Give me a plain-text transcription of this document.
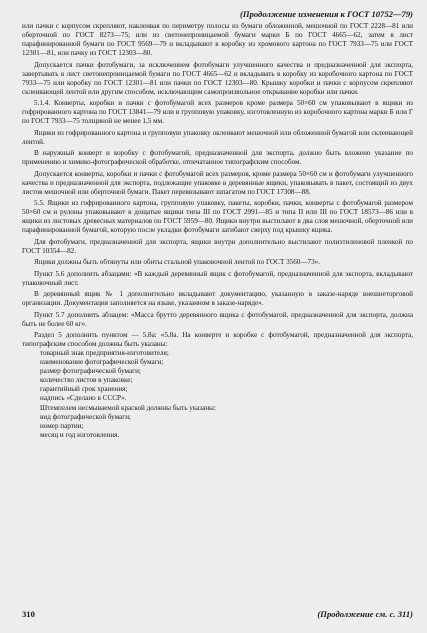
(Продолжение изменения к ГОСТ 10752—79)

или пачки с корпусом скрепляют, наклеивая по периметру полосы из бумаги обложенной, мешочной по ГОСТ 2228—81 или оберточной по ГОСТ 8273—75; или из светонепроницаемой бумаги марки Б по ГОСТ 4665—62, затем в лист парафинированной бумаги по ГОСТ 9569—79 и вкладывают в коробку из хромового картона по ГОСТ 7933—75 или ГОСТ 12301—81, или пачку из ГОСТ 12303—80.

Допускается пачки фотобумаги, за исключением фотобумаги улучшенного качества и предназначенной для экспорта, завертывать в лист светонепроницаемой бумаги по ГОСТ 4665—62 и вкладывать в коробку из коробочного картона по ГОСТ 7933—75 или коробку по ГОСТ 12301—81 или пачки по ГОСТ 12303—80. Крышку коробки и пачки с корпусом скрепляют склеивающей лентой или другим способом, исключающим самопроизвольное открывание коробки или пачки.

5.1.4. Конверты, коробки и пачки с фотобумагой всех размеров кроме размера 50×60 см упаковывают в ящики из гофрированного картона по ГОСТ 13841—79 или в групповую упаковку, изготовленную из коробочного картона марки Б или Г по ГОСТ 7933—75 толщиной не менее 1,5 мм.

Ящики из гофрированного картона и групповую упаковку оклеивают мешочной или обложенной бумагой или склеивающей лентой.

В наружный конверт и коробку с фотобумагой, предназначенной для экспорта, должно быть вложено указание по применению и химико-фотографической обработке, отпечатанное типографским способом.

Допускается конверты, коробки и пачки с фотобумагой всех размеров, кроме размера 50×60 см и фотобумаги улучшенного качества и предназначенной для экспорта, подлежащие упаковке в деревянные ящики, упаковывать в пакет, состоящий из двух листов мешочной или оберточной бумаги. Пакет перевязывают шпагатом по ГОСТ 17308—88.

5.5. Ящики из гофрированного картона, групповую упаковку, пакеты, коробки, пачки, конверты с фотобумагой размером 50×60 см и рулоны упаковывают в дощатые ящики типа III по ГОСТ 2991—85 и типа II или III по ГОСТ 18573—86 или в ящики из листовых древесных материалов по ГОСТ 5959—80. Ящики внутри выстилают в два слоя мешочной, оберточной или парафинированной бумагой, которую после укладки фотобумаги загибают сверху под крышку ящика.

Для фотобумаги, предназначенной для экспорта, ящики внутри дополнительно выстилают полиэтиленовой пленкой по ГОСТ 10354—82.

Ящики должны быть обтянуты или обиты стальной упаковочной лентой по ГОСТ 3560—73».

Пункт 5.6 дополнить абзацами: «В каждый деревянный ящик с фотобумагой, предназначенной для экспорта, вкладывают упаковочный лист.

В деревянный ящик № 1 дополнительно вкладывают документацию, указанную в заказе-наряде внешнеторговой организации. Документация заполняется на языке, указанном в заказе-наряде».

Пункт 5.7 дополнить абзацем: «Масса брутто деревянного ящика с фотобумагой, предназначенной для экспорта, должна быть не более 60 кг».

Раздел 5 дополнить пунктом — 5.8а: «5.8а. На конверте и коробке с фотобумагой, предназначенной для экспорта, типографским способом должны быть указаны:

товарный знак предприятия-изготовителя;

наименование фотографической бумаги;

размер фотографической бумаги;

количество листов в упаковке;

гарантийный срок хранения;

надпись «Сделано в СССР».

Штемпелем несмываемой краской должны быть указаны:

вид фотографической бумаги;

номер партии;

месяц и год изготовления.

310	(Продолжение см. с. 311)
